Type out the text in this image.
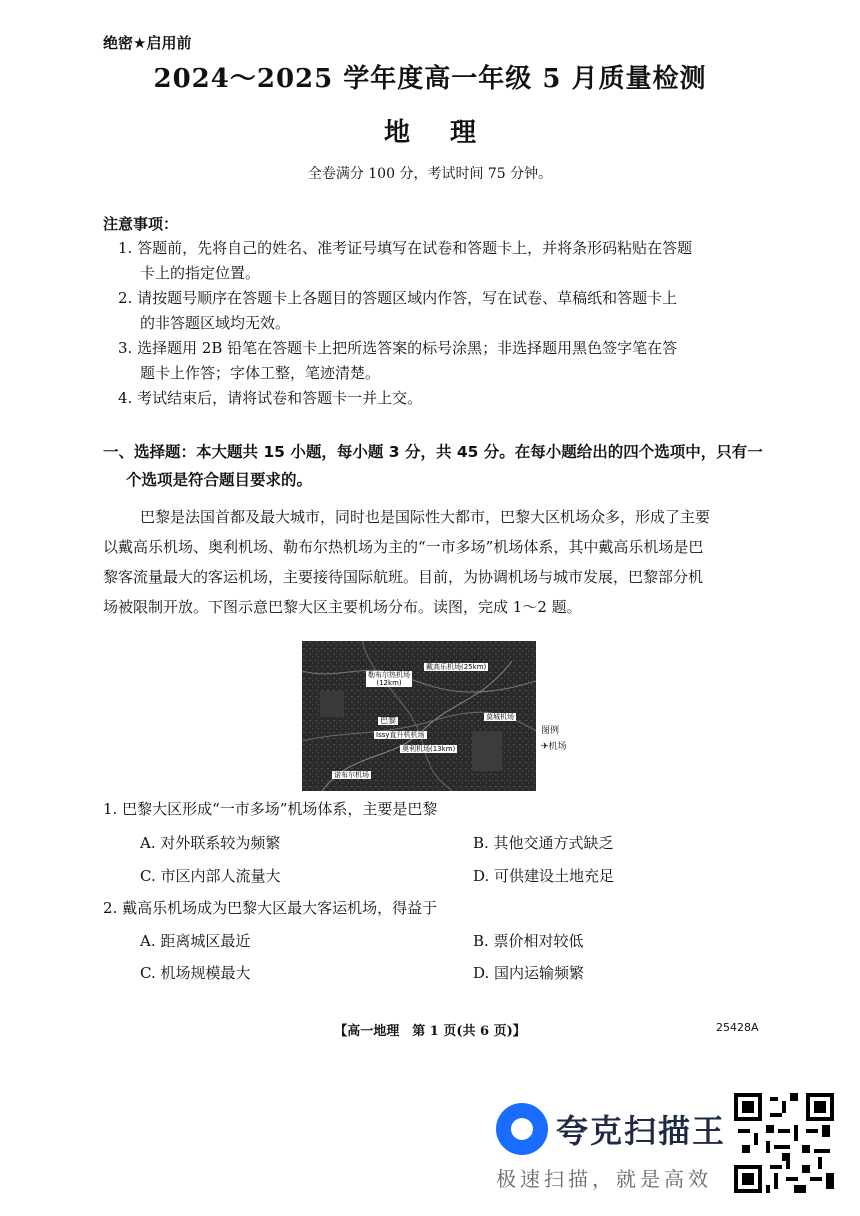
绝密★启用前
2024～2025 学年度高一年级 5 月质量检测
地理
全卷满分 100 分，考试时间 75 分钟。
注意事项：
1. 答题前，先将自己的姓名、准考证号填写在试卷和答题卡上，并将条形码粘贴在答题
卡上的指定位置。
2. 请按题号顺序在答题卡上各题目的答题区域内作答，写在试卷、草稿纸和答题卡上
的非答题区域均无效。
3. 选择题用 2B 铅笔在答题卡上把所选答案的标号涂黑；非选择题用黑色签字笔在答
题卡上作答；字体工整，笔迹清楚。
4. 考试结束后，请将试卷和答题卡一并上交。
一、选择题：本大题共 15 小题，每小题 3 分，共 45 分。在每小题给出的四个选项中，只有一
个选项是符合题目要求的。
巴黎是法国首都及最大城市，同时也是国际性大都市，巴黎大区机场众多，形成了主要
以戴高乐机场、奥利机场、勒布尔热机场为主的“一市多场”机场体系，其中戴高乐机场是巴
黎客流量最大的客运机场，主要接待国际航班。目前，为协调机场与城市发展，巴黎部分机
场被限制开放。下图示意巴黎大区主要机场分布。读图，完成 1～2 题。
勒布尔热机场
(12km)
戴高乐机场(25km)
巴黎
Issy直升机机场
奥利机场(13km)
莫城机场
诺布尔机场
图例
✈机场
1. 巴黎大区形成“一市多场”机场体系，主要是巴黎
A. 对外联系较为频繁	B. 其他交通方式缺乏
C. 市区内部人流量大	D. 可供建设土地充足
2. 戴高乐机场成为巴黎大区最大客运机场，得益于
A. 距离城区最近	B. 票价相对较低
C. 机场规模最大	D. 国内运输频繁
【高一地理　第 1 页(共 6 页)】	25428A
夸克扫描王
极速扫描，就是高效
